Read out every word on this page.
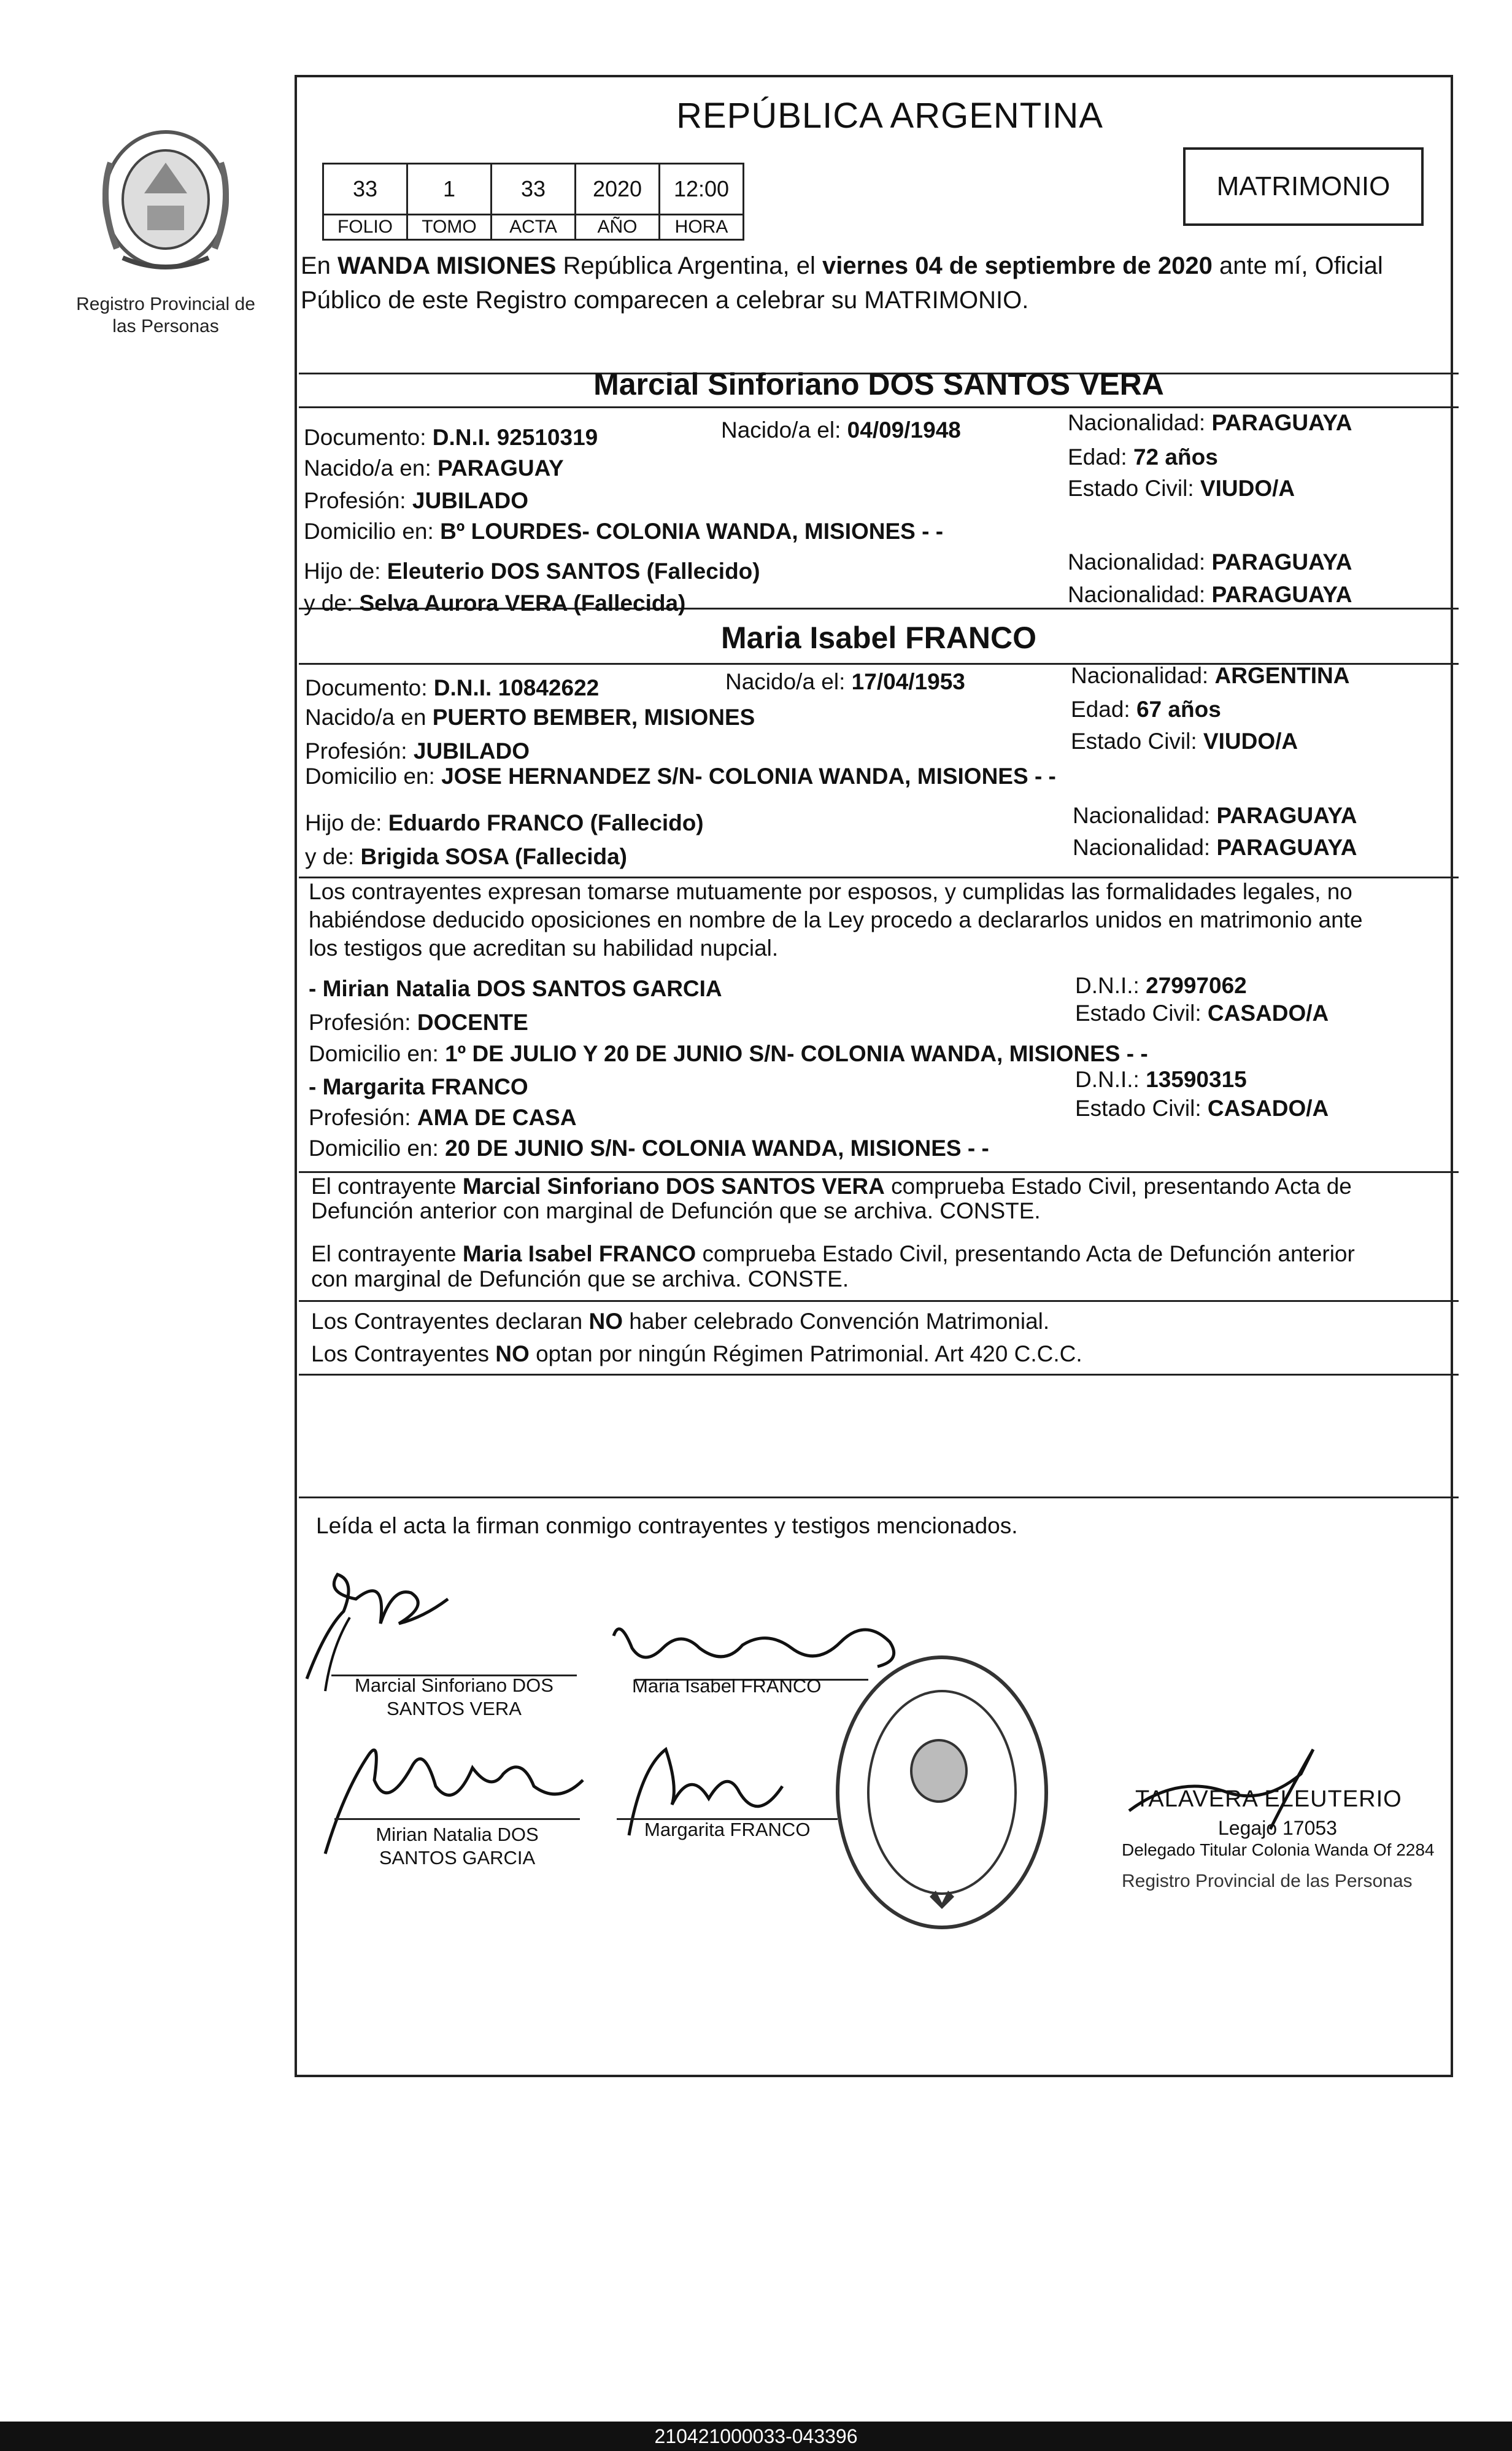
Registro Provincial de las Personas
REPÚBLICA ARGENTINA
33	1	33	2020	12:00
FOLIO	TOMO	ACTA	AÑO	HORA
MATRIMONIO
En WANDA MISIONES República Argentina, el viernes 04 de septiembre de 2020 ante mí, Oficial Público de este Registro comparecen a celebrar su MATRIMONIO.
Marcial Sinforiano DOS SANTOS VERA
Documento: D.N.I. 92510319	Nacido/a el: 04/09/1948	Nacionalidad: PARAGUAYA
Nacido/a en: PARAGUAY	Edad: 72 años
Profesión: JUBILADO	Estado Civil: VIUDO/A
Domicilio en: Bº LOURDES- COLONIA WANDA, MISIONES - -
Hijo de: Eleuterio DOS SANTOS (Fallecido)	Nacionalidad: PARAGUAYA
y de: Selva Aurora VERA (Fallecida)	Nacionalidad: PARAGUAYA
Maria Isabel FRANCO
Documento: D.N.I. 10842622	Nacido/a el: 17/04/1953	Nacionalidad: ARGENTINA
Nacido/a en PUERTO BEMBER, MISIONES	Edad: 67 años
Profesión: JUBILADO	Estado Civil: VIUDO/A
Domicilio en: JOSE HERNANDEZ S/N- COLONIA WANDA, MISIONES - -
Hijo de: Eduardo FRANCO (Fallecido)	Nacionalidad: PARAGUAYA
y de: Brigida SOSA (Fallecida)	Nacionalidad: PARAGUAYA
Los contrayentes expresan tomarse mutuamente por esposos, y cumplidas las formalidades legales, no
habiéndose deducido oposiciones en nombre de la Ley procedo a declararlos unidos en matrimonio ante
los testigos que acreditan su habilidad nupcial.
- Mirian Natalia DOS SANTOS GARCIA	D.N.I.: 27997062
Profesión: DOCENTE	Estado Civil: CASADO/A
Domicilio en: 1º DE JULIO Y 20 DE JUNIO S/N- COLONIA WANDA, MISIONES - -
- Margarita FRANCO	D.N.I.: 13590315
Profesión: AMA DE CASA	Estado Civil: CASADO/A
Domicilio en: 20 DE JUNIO S/N- COLONIA WANDA, MISIONES - -
El contrayente Marcial Sinforiano DOS SANTOS VERA comprueba Estado Civil, presentando Acta de
Defunción anterior con marginal de Defunción que se archiva. CONSTE.
El contrayente Maria Isabel FRANCO comprueba Estado Civil, presentando Acta de Defunción anterior
con marginal de Defunción que se archiva. CONSTE.
Los Contrayentes declaran NO haber celebrado Convención Matrimonial.
Los Contrayentes NO optan por ningún Régimen Patrimonial. Art 420 C.C.C.
Leída el acta la firman conmigo contrayentes y testigos mencionados.
Marcial Sinforiano DOS
SANTOS VERA
Maria Isabel FRANCO
Mirian Natalia DOS
SANTOS GARCIA
Margarita FRANCO
TALAVERA ELEUTERIO
Legajo 17053
Delegado Titular Colonia Wanda Of 2284
Registro Provincial de las Personas
210421000033-043396
